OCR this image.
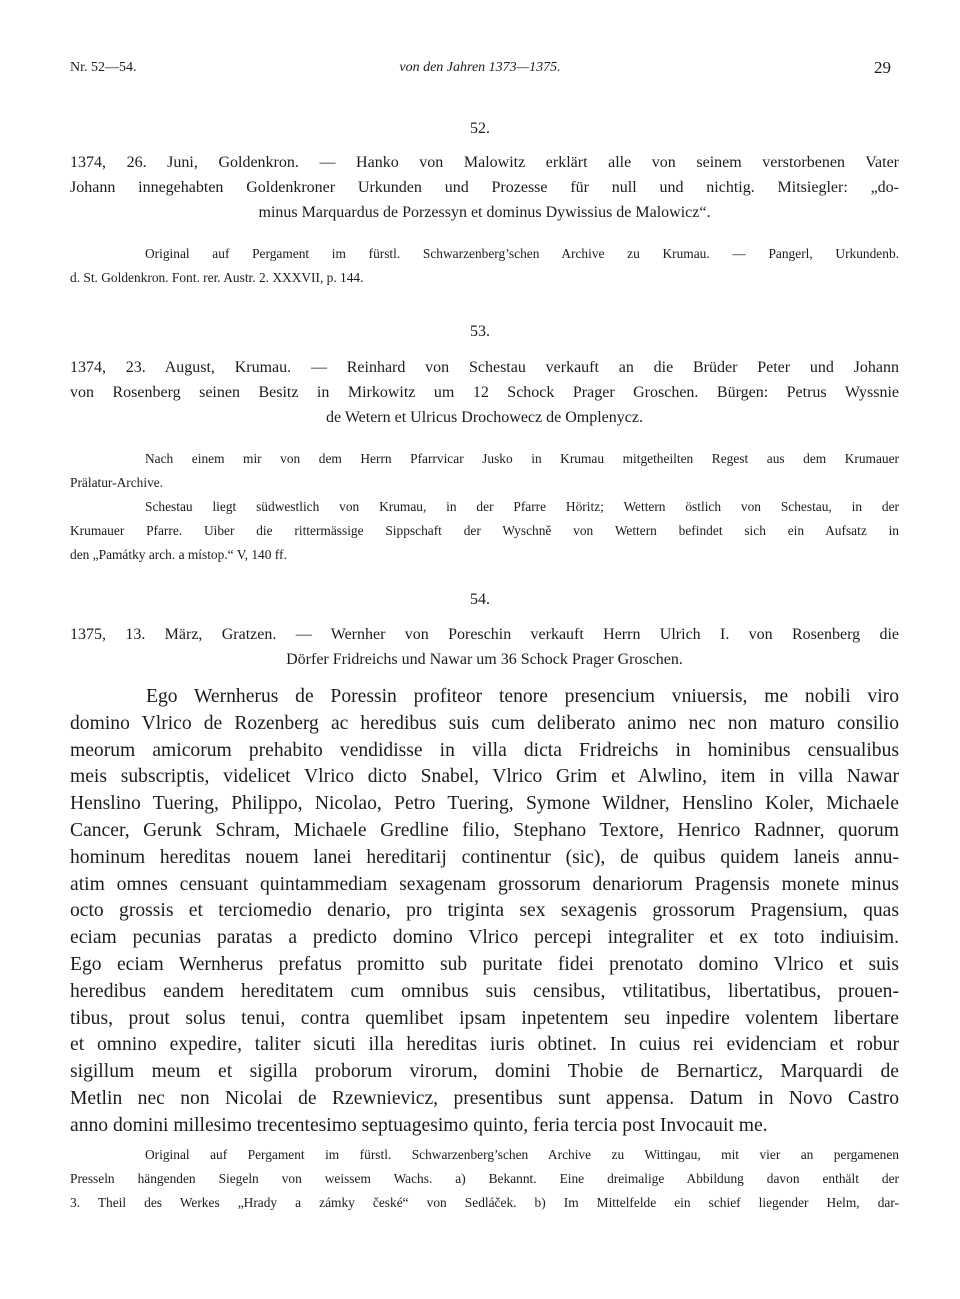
Nr. 52—54.	von den Jahren 1373—1375.	29
52.
1374, 26. Juni, Goldenkron. — Hanko von Malowitz erklärt alle von seinem verstorbenen Vater
Johann innegehabten Goldenkroner Urkunden und Prozesse für null und nichtig. Mitsiegler: „do-
minus Marquardus de Porzessyn et dominus Dywissius de Malowicz“.
Original auf Pergament im fürstl. Schwarzenberg’schen Archive zu Krumau. — Pangerl, Urkundenb.
d. St. Goldenkron. Font. rer. Austr. 2. XXXVII, p. 144.
53.
1374, 23. August, Krumau. — Reinhard von Schestau verkauft an die Brüder Peter und Johann
von Rosenberg seinen Besitz in Mirkowitz um 12 Schock Prager Groschen. Bürgen: Petrus Wyssnie
de Wetern et Ulricus Drochowecz de Omplenycz.
Nach einem mir von dem Herrn Pfarrvicar Jusko in Krumau mitgetheilten Regest aus dem Krumauer
Prälatur-Archive.
Schestau liegt südwestlich von Krumau, in der Pfarre Höritz; Wettern östlich von Schestau, in der
Krumauer Pfarre. Uiber die rittermässige Sippschaft der Wyschně von Wettern befindet sich ein Aufsatz in
den „Památky arch. a místop.“ V, 140 ff.
54.
1375, 13. März, Gratzen. — Wernher von Poreschin verkauft Herrn Ulrich I. von Rosenberg die
Dörfer Fridreichs und Nawar um 36 Schock Prager Groschen.
Ego Wernherus de Poressin profiteor tenore presencium vniuersis, me nobili viro
domino Vlrico de Rozenberg ac heredibus suis cum deliberato animo nec non maturo consilio
meorum amicorum prehabito vendidisse in villa dicta Fridreichs in hominibus censualibus
meis subscriptis, videlicet Vlrico dicto Snabel, Vlrico Grim et Alwlino, item in villa Nawar
Henslino Tuering, Philippo, Nicolao, Petro Tuering, Symone Wildner, Henslino Koler, Michaele
Cancer, Gerunk Schram, Michaele Gredline filio, Stephano Textore, Henrico Radnner, quorum
hominum hereditas nouem lanei hereditarij continentur (sic), de quibus quidem laneis annu-
atim omnes censuant quintammediam sexagenam grossorum denariorum Pragensis monete minus
octo grossis et terciomedio denario, pro triginta sex sexagenis grossorum Pragensium, quas
eciam pecunias paratas a predicto domino Vlrico percepi integraliter et ex toto indiuisim.
Ego eciam Wernherus prefatus promitto sub puritate fidei prenotato domino Vlrico et suis
heredibus eandem hereditatem cum omnibus suis censibus, vtilitatibus, libertatibus, prouen-
tibus, prout solus tenui, contra quemlibet ipsam inpetentem seu inpedire volentem libertare
et omnino expedire, taliter sicuti illa hereditas iuris obtinet. In cuius rei evidenciam et robur
sigillum meum et sigilla proborum virorum, domini Thobie de Bernarticz, Marquardi de
Metlin nec non Nicolai de Rzewnievicz, presentibus sunt appensa. Datum in Novo Castro
anno domini millesimo trecentesimo septuagesimo quinto, feria tercia post Invocauit me.
Original auf Pergament im fürstl. Schwarzenberg’schen Archive zu Wittingau, mit vier an pergamenen
Presseln hängenden Siegeln von weissem Wachs. a) Bekannt. Eine dreimalige Abbildung davon enthält der
3. Theil des Werkes „Hrady a zámky české“ von Sedláček. b) Im Mittelfelde ein schief liegender Helm, dar-
